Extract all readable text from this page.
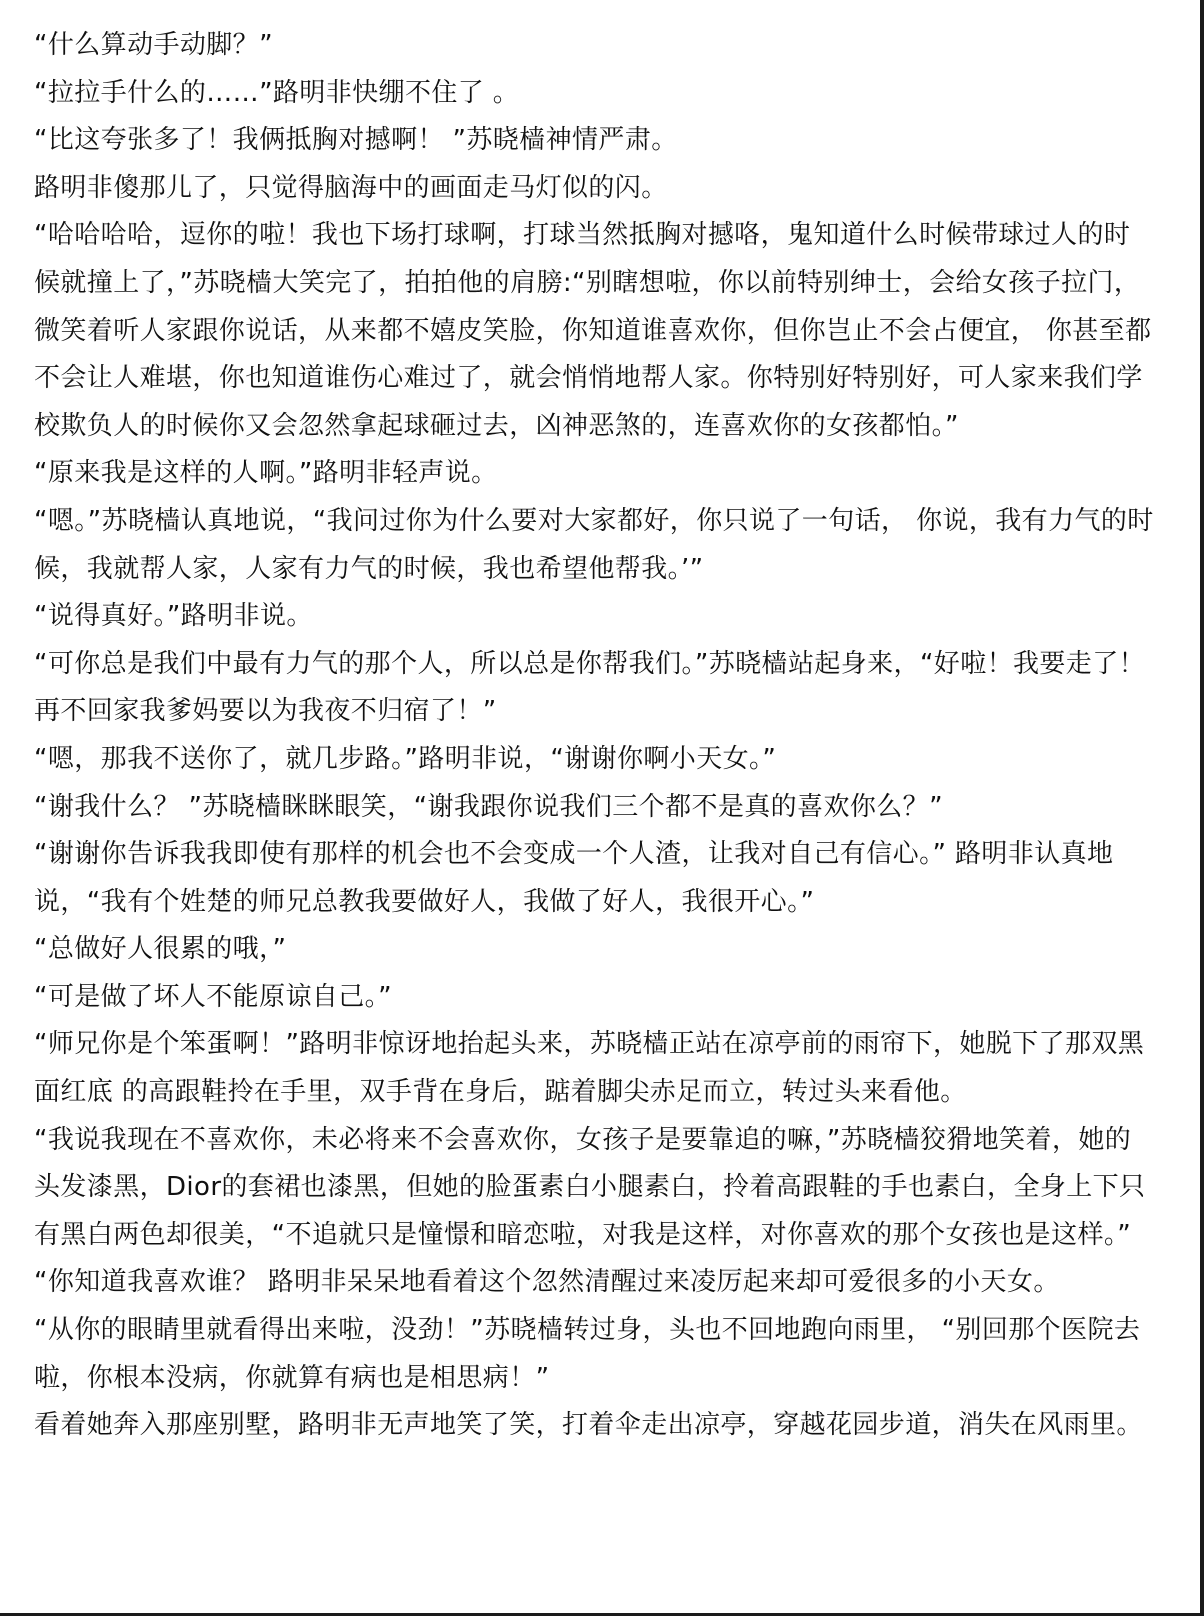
“什么算动手动脚？”

“拉拉手什么的……”路明非快绷不住了 。

“比这夸张多了！我俩抵胸对撼啊！ ”苏晓樯神情严肃。

路明非傻那儿了，只觉得脑海中的画面走马灯似的闪。

“哈哈哈哈，逗你的啦！我也下场打球啊，打球当然抵胸对撼咯，鬼知道什么时候带球过人的时候就撞上了，”苏晓樯大笑完了，拍拍他的肩膀:“别瞎想啦，你以前特别绅士，会给女孩子拉门， 微笑着听人家跟你说话，从来都不嬉皮笑脸，你知道谁喜欢你，但你岂止不会占便宜， 你甚至都不会让人难堪，你也知道谁伤心难过了，就会悄悄地帮人家。你特别好特别好，可人家来我们学校欺负人的时候你又会忽然拿起球砸过去，凶神恶煞的，连喜欢你的女孩都怕。”

“原来我是这样的人啊。”路明非轻声说。

“嗯。”苏晓樯认真地说，“我问过你为什么要对大家都好，你只说了一句话， 你说，我有力气的时候，我就帮人家，人家有力气的时候，我也希望他帮我。’”

“说得真好。”路明非说。

“可你总是我们中最有力气的那个人，所以总是你帮我们。”苏晓樯站起身来，“好啦！我要走了！再不回家我爹妈要以为我夜不归宿了！”

“嗯，那我不送你了，就几步路。”路明非说，“谢谢你啊小天女。”

“谢我什么？ ”苏晓樯眯眯眼笑，“谢我跟你说我们三个都不是真的喜欢你么？”

“谢谢你告诉我我即使有那样的机会也不会变成一个人渣，让我对自己有信心。” 路明非认真地说，“我有个姓楚的师兄总教我要做好人，我做了好人，我很开心。”

“总做好人很累的哦，”

“可是做了坏人不能原谅自己。”

“师兄你是个笨蛋啊！”路明非惊讶地抬起头来，苏晓樯正站在凉亭前的雨帘下，她脱下了那双黑面红底 的高跟鞋拎在手里，双手背在身后，踮着脚尖赤足而立，转过头来看他。

“我说我现在不喜欢你，未必将来不会喜欢你，女孩子是要靠追的嘛，”苏晓樯狡猾地笑着，她的头发漆黑，Dior的套裙也漆黑，但她的脸蛋素白小腿素白，拎着高跟鞋的手也素白，全身上下只有黑白两色却很美，“不追就只是憧憬和暗恋啦，对我是这样，对你喜欢的那个女孩也是这样。”

“你知道我喜欢谁？ 路明非呆呆地看着这个忽然清醒过来凌厉起来却可爱很多的小天女。

“从你的眼睛里就看得出来啦，没劲！”苏晓樯转过身，头也不回地跑向雨里， “别回那个医院去啦，你根本没病，你就算有病也是相思病！”

看着她奔入那座别墅，路明非无声地笑了笑，打着伞走出凉亭，穿越花园步道，消失在风雨里。
